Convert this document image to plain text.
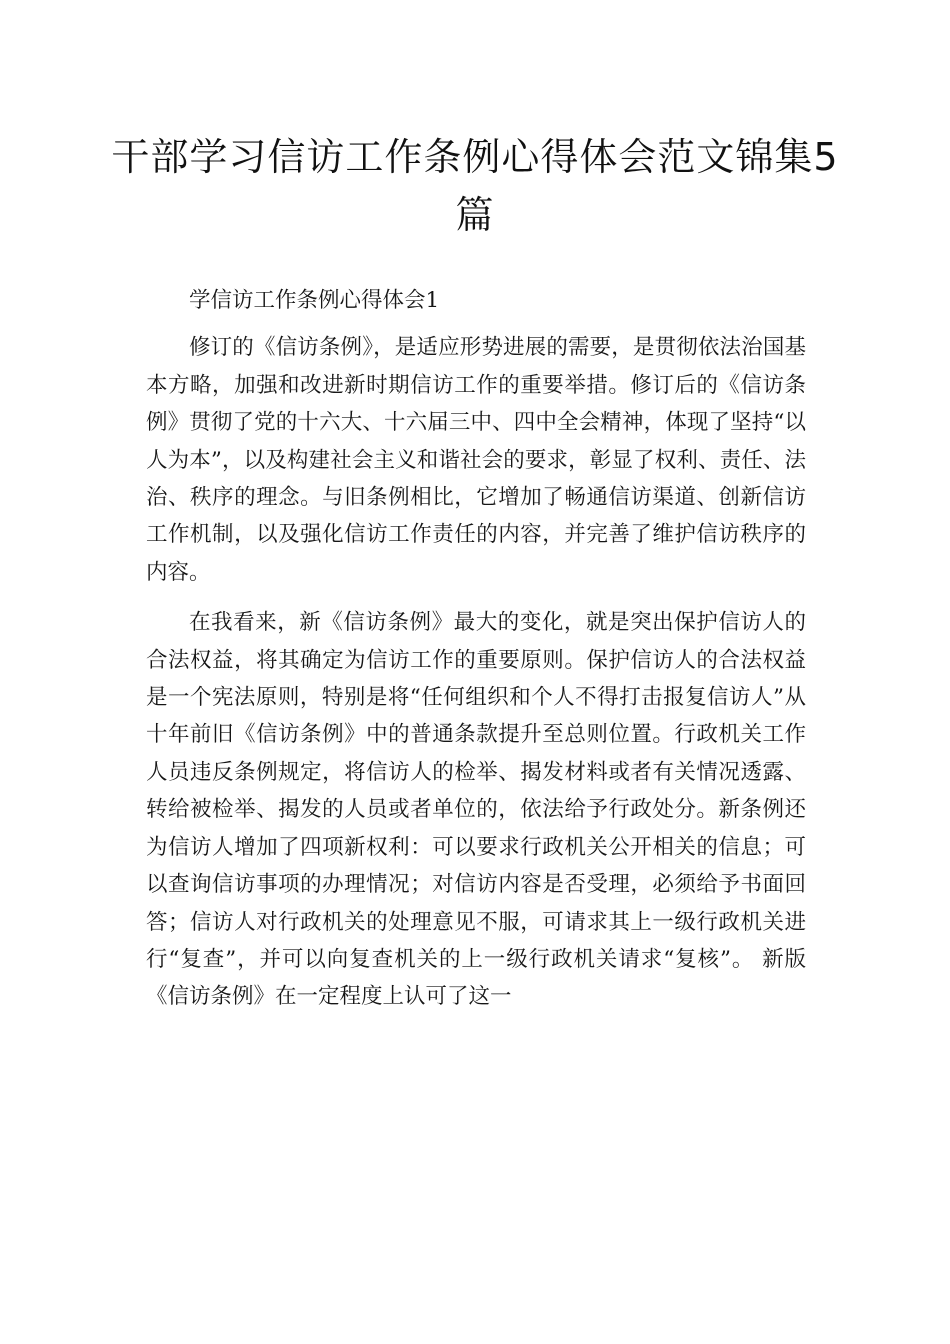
干部学习信访工作条例心得体会范文锦集5篇

学信访工作条例心得体会1

修订的《信访条例》，是适应形势进展的需要，是贯彻依法治国基本方略，加强和改进新时期信访工作的重要举措。修订后的《信访条例》贯彻了党的十六大、十六届三中、四中全会精神，体现了坚持“以人为本”，以及构建社会主义和谐社会的要求，彰显了权利、责任、法治、秩序的理念。与旧条例相比，它增加了畅通信访渠道、创新信访工作机制，以及强化信访工作责任的内容，并完善了维护信访秩序的内容。

在我看来，新《信访条例》最大的变化，就是突出保护信访人的合法权益，将其确定为信访工作的重要原则。保护信访人的合法权益是一个宪法原则，特别是将“任何组织和个人不得打击报复信访人”从十年前旧《信访条例》中的普通条款提升至总则位置。行政机关工作人员违反条例规定，将信访人的检举、揭发材料或者有关情况透露、转给被检举、揭发的人员或者单位的，依法给予行政处分。新条例还为信访人增加了四项新权利：可以要求行政机关公开相关的信息；可以查询信访事项的办理情况；对信访内容是否受理，必须给予书面回答；信访人对行政机关的处理意见不服，可请求其上一级行政机关进行“复查”，并可以向复查机关的上一级行政机关请求“复核”。 新版《信访条例》在一定程度上认可了这一
